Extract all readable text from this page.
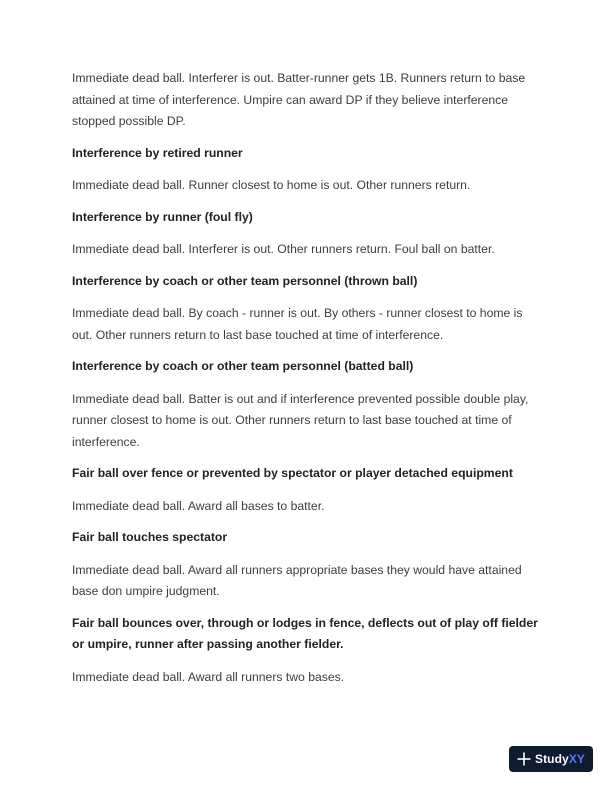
Immediate dead ball. Interferer is out. Batter-runner gets 1B. Runners return to base attained at time of interference. Umpire can award DP if they believe interference stopped possible DP.

Interference by retired runner

Immediate dead ball. Runner closest to home is out. Other runners return.

Interference by runner (foul fly)

Immediate dead ball. Interferer is out. Other runners return. Foul ball on batter.

Interference by coach or other team personnel (thrown ball)

Immediate dead ball. By coach - runner is out. By others - runner closest to home is out. Other runners return to last base touched at time of interference.

Interference by coach or other team personnel (batted ball)

Immediate dead ball. Batter is out and if interference prevented possible double play, runner closest to home is out. Other runners return to last base touched at time of interference.

Fair ball over fence or prevented by spectator or player detached equipment

Immediate dead ball. Award all bases to batter.

Fair ball touches spectator

Immediate dead ball. Award all runners appropriate bases they would have attained base don umpire judgment.

Fair ball bounces over, through or lodges in fence, deflects out of play off fielder or umpire, runner after passing another fielder.

Immediate dead ball. Award all runners two bases.

StudyXY
